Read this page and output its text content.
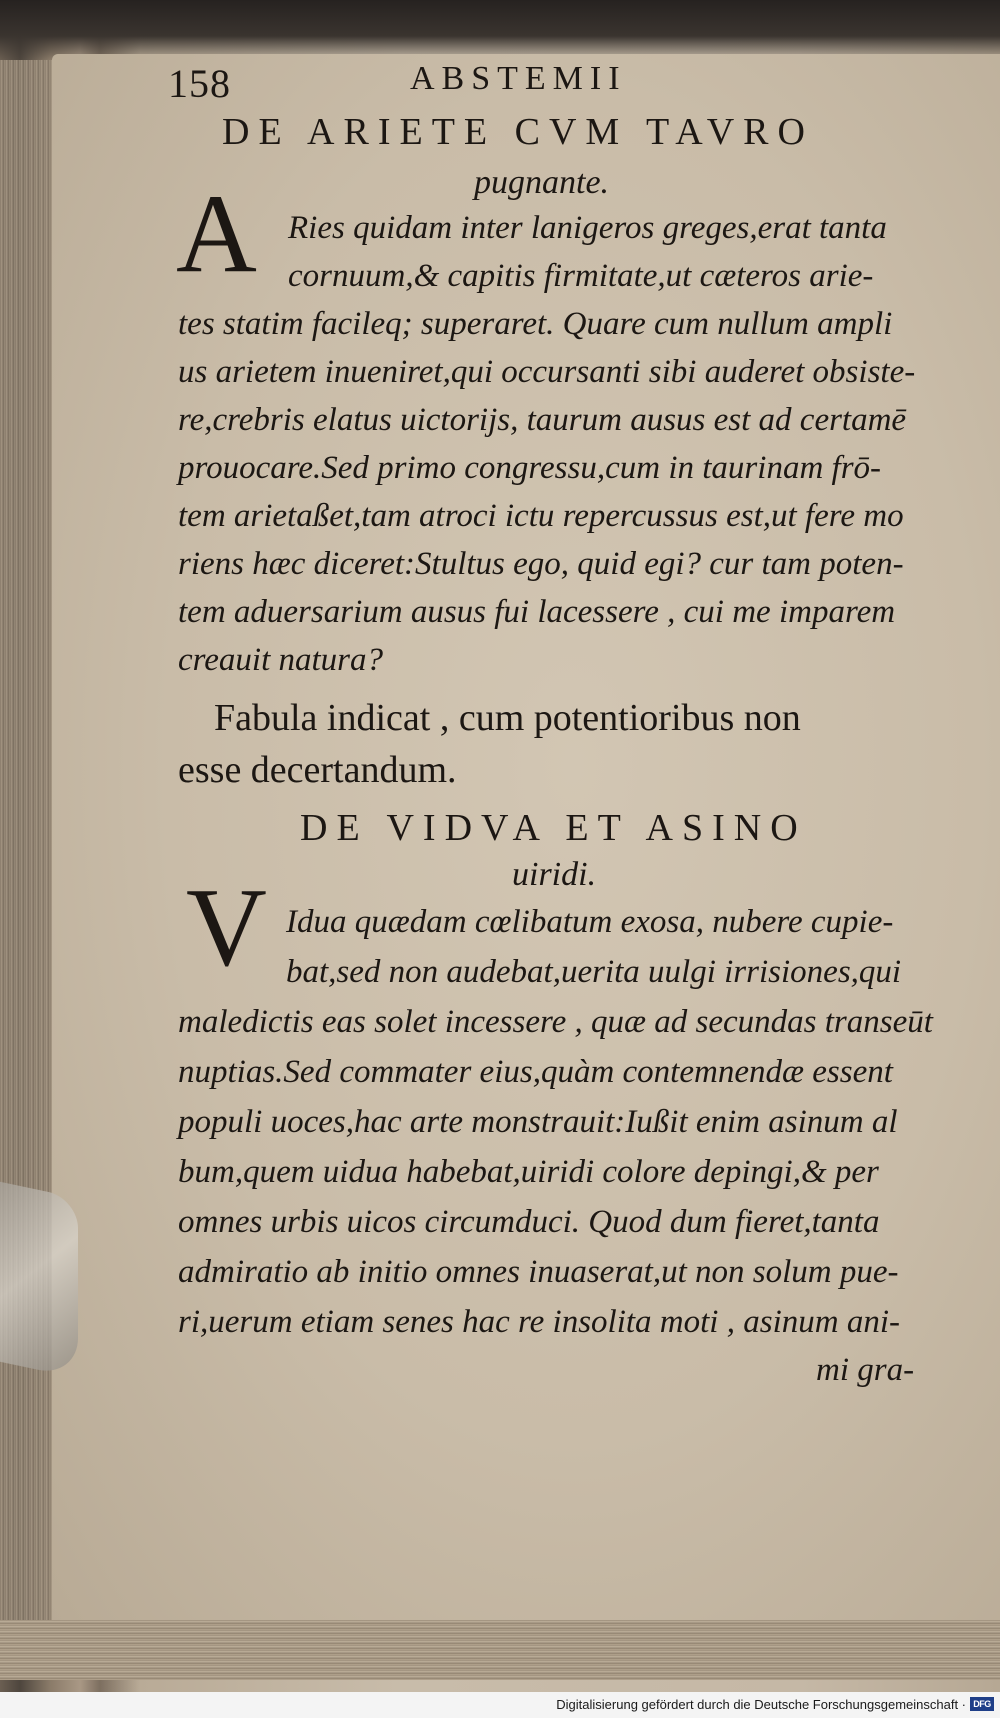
158	ABSTEMII
DE ARIETE CVM TAVRO
pugnante.
A Ries quidam inter lanigeros greges,erat tanta
cornuum,& capitis firmitate,ut cæteros arie-
tes statim facileq; superaret. Quare cum nullum ampli
us arietem inueniret,qui occursanti sibi auderet obsiste-
re,crebris elatus uictorijs, taurum ausus est ad certamē
prouocare.Sed primo congressu,cum in taurinam frō-
tem arietaßet,tam atroci ictu repercussus est,ut fere mo
riens hæc diceret:Stultus ego, quid egi? cur tam poten-
tem aduersarium ausus fui lacessere , cui me imparem
creauit natura?
Fabula indicat , cum potentioribus non
esse decertandum.
DE VIDVA ET ASINO
uiridi.
V Idua quædam cœlibatum exosa, nubere cupie-
bat,sed non audebat,uerita uulgi irrisiones,qui
maledictis eas solet incessere , quæ ad secundas transeūt
nuptias.Sed commater eius,quàm contemnendæ essent
populi uoces,hac arte monstrauit:Iußit enim asinum al
bum,quem uidua habebat,uiridi colore depingi,& per
omnes urbis uicos circumduci. Quod dum fieret,tanta
admiratio ab initio omnes inuaserat,ut non solum pue-
ri,uerum etiam senes hac re insolita moti , asinum ani-
mi gra-
Digitalisierung gefördert durch die Deutsche Forschungsgemeinschaft · DFG
